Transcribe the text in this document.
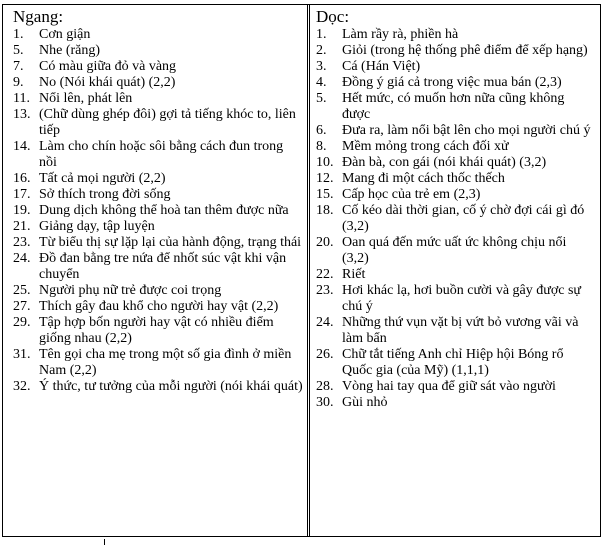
Ngang:
1.	Cơn giận
5.	Nhe (răng)
7.	Có màu giữa đỏ và vàng
9.	No (Nói khái quát) (2,2)
11. Nổi lên, phát lên
13. (Chữ dùng ghép đôi) gợi tả tiếng khóc to, liên tiếp
14. Làm cho chín hoặc sôi bằng cách đun trong nồi
16. Tất cả mọi người (2,2)
17. Sở thích trong đời sống
19. Dung dịch không thể hoà tan thêm được nữa
21. Giảng dạy, tập luyện
23. Từ biểu thị sự lặp lại của hành động, trạng thái
24. Đồ đan bằng tre nứa để nhốt súc vật khi vận chuyển
25. Người phụ nữ trẻ được coi trọng
27. Thích gây đau khổ cho người hay vật (2,2)
29. Tập hợp bốn người hay vật có nhiều điểm giống nhau (2,2)
31. Tên gọi cha mẹ trong một số gia đình ở miền Nam (2,2)
32. Ý thức, tư tưởng của mỗi người (nói khái quát)
Dọc:
1.	Làm rầy rà, phiền hà
2.	Giỏi (trong hệ thống phê điểm để xếp hạng)
3.	Cá (Hán Việt)
4.	Đồng ý giá cả trong việc mua bán (2,3)
5.	Hết mức, có muốn hơn nữa cũng không được
6.	Đưa ra, làm nổi bật lên cho mọi người chú ý
8.	Mềm mỏng trong cách đối xử
10. Đàn bà, con gái (nói khái quát) (3,2)
12. Mang đi một cách thốc thếch
15. Cấp học của trẻ em (2,3)
18. Cố kéo dài thời gian, cố ý chờ đợi cái gì đó (3,2)
20. Oan quá đến mức uất ức không chịu nổi (3,2)
22. Riết
23. Hơi khác lạ, hơi buồn cười và gây được sự chú ý
24. Những thứ vụn vặt bị vứt bỏ vương vãi và làm bẩn
26. Chữ tắt tiếng Anh chỉ Hiệp hội Bóng rổ Quốc gia (của Mỹ) (1,1,1)
28. Vòng hai tay qua để giữ sát vào người
30. Gùi nhỏ
